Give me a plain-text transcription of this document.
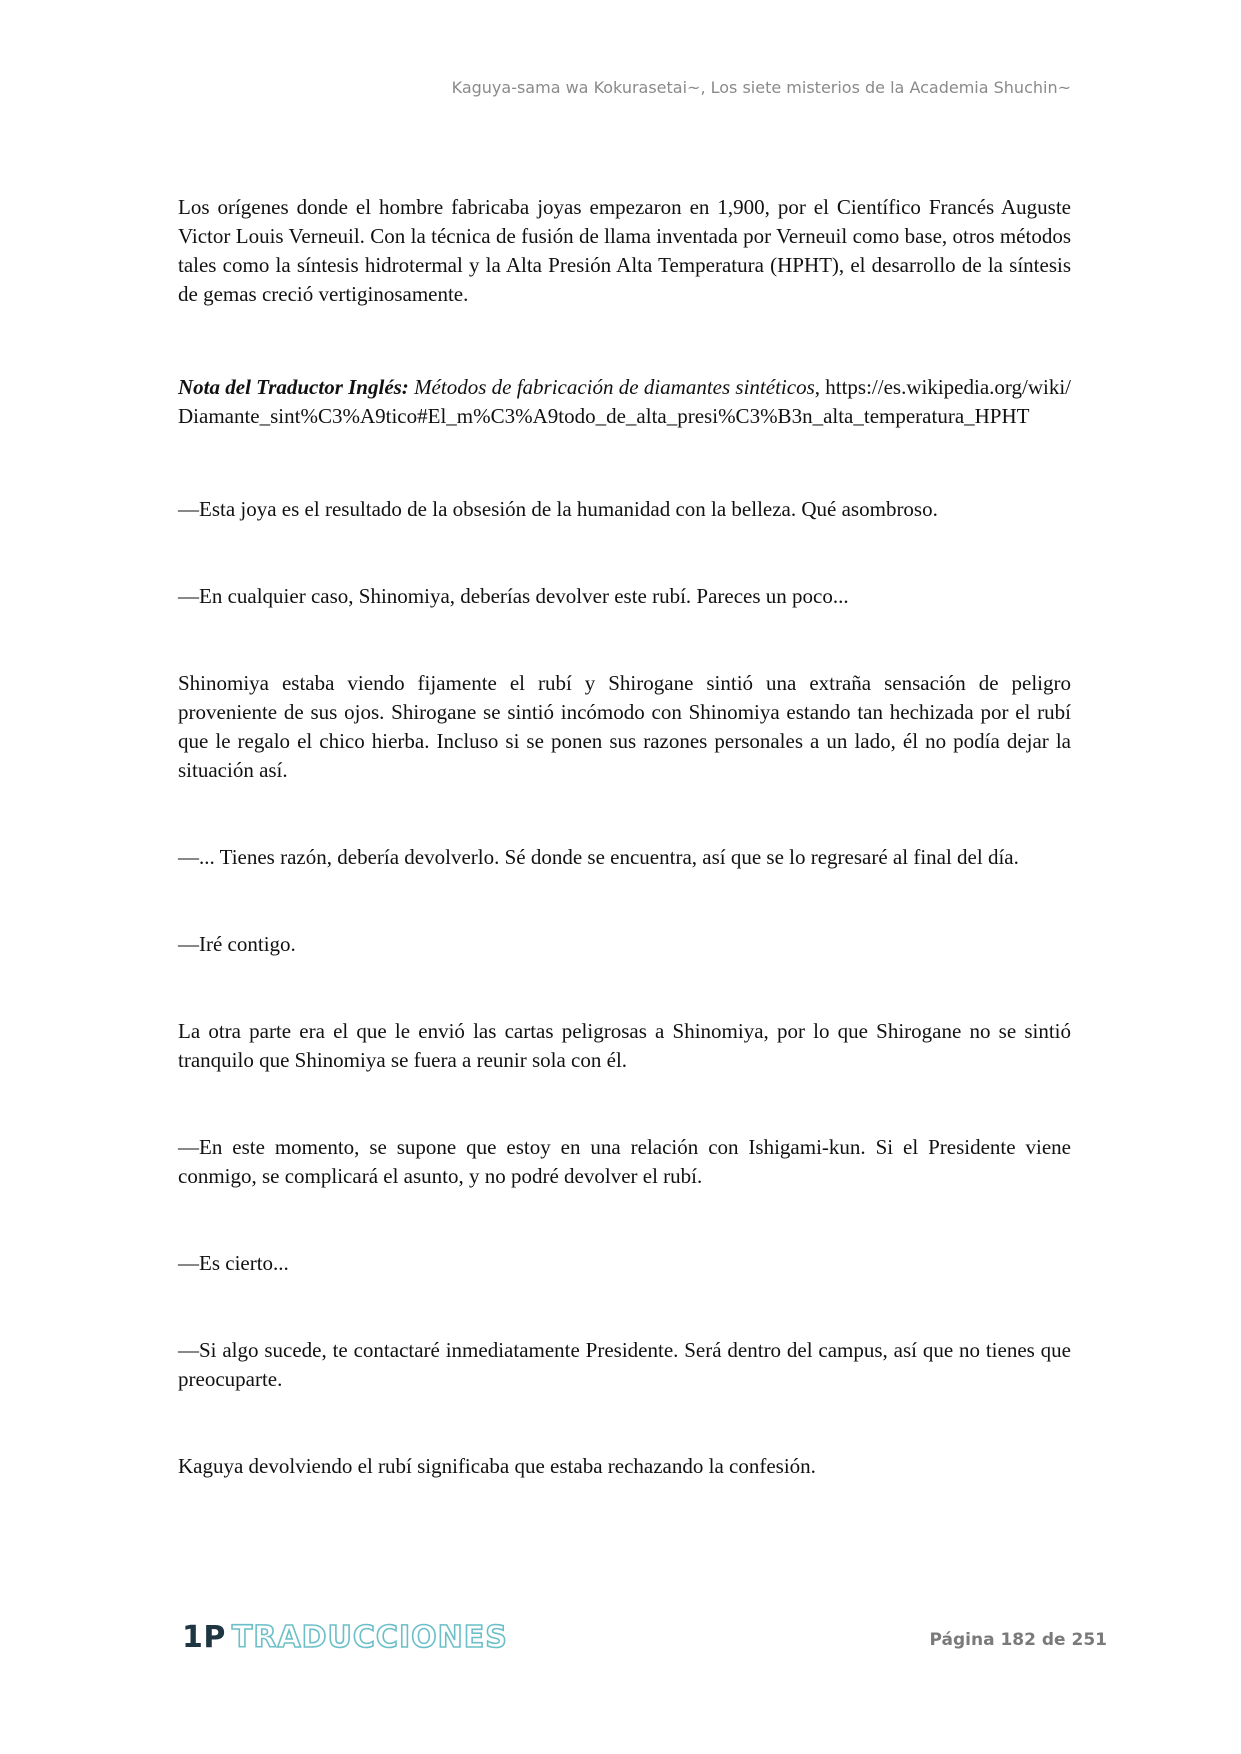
Kaguya-sama wa Kokurasetai~, Los siete misterios de la Academia Shuchin~

Los orígenes donde el hombre fabricaba joyas empezaron en 1,900, por el Científico Francés Auguste Victor Louis Verneuil. Con la técnica de fusión de llama inventada por Verneuil como base, otros métodos tales como la síntesis hidrotermal y la Alta Presión Alta Temperatura (HPHT), el desarrollo de la síntesis de gemas creció vertiginosamente.

Nota del Traductor Inglés: Métodos de fabricación de diamantes sintéticos, https://es.wikipedia.org/wiki/Diamante_sint%C3%A9tico#El_m%C3%A9todo_de_alta_presi%C3%B3n_alta_temperatura_HPHT

—Esta joya es el resultado de la obsesión de la humanidad con la belleza. Qué asombroso.

—En cualquier caso, Shinomiya, deberías devolver este rubí. Pareces un poco...

Shinomiya estaba viendo fijamente el rubí y Shirogane sintió una extraña sensación de peligro proveniente de sus ojos. Shirogane se sintió incómodo con Shinomiya estando tan hechizada por el rubí que le regalo el chico hierba. Incluso si se ponen sus razones personales a un lado, él no podía dejar la situación así.

—... Tienes razón, debería devolverlo. Sé donde se encuentra, así que se lo regresaré al final del día.

—Iré contigo.

La otra parte era el que le envió las cartas peligrosas a Shinomiya, por lo que Shirogane no se sintió tranquilo que Shinomiya se fuera a reunir sola con él.

—En este momento, se supone que estoy en una relación con Ishigami-kun. Si el Presidente viene conmigo, se complicará el asunto, y no podré devolver el rubí.

—Es cierto...

—Si algo sucede, te contactaré inmediatamente Presidente. Será dentro del campus, así que no tienes que preocuparte.

Kaguya devolviendo el rubí significaba que estaba rechazando la confesión.

1P TRADUCCIONES	Página 182 de 251
